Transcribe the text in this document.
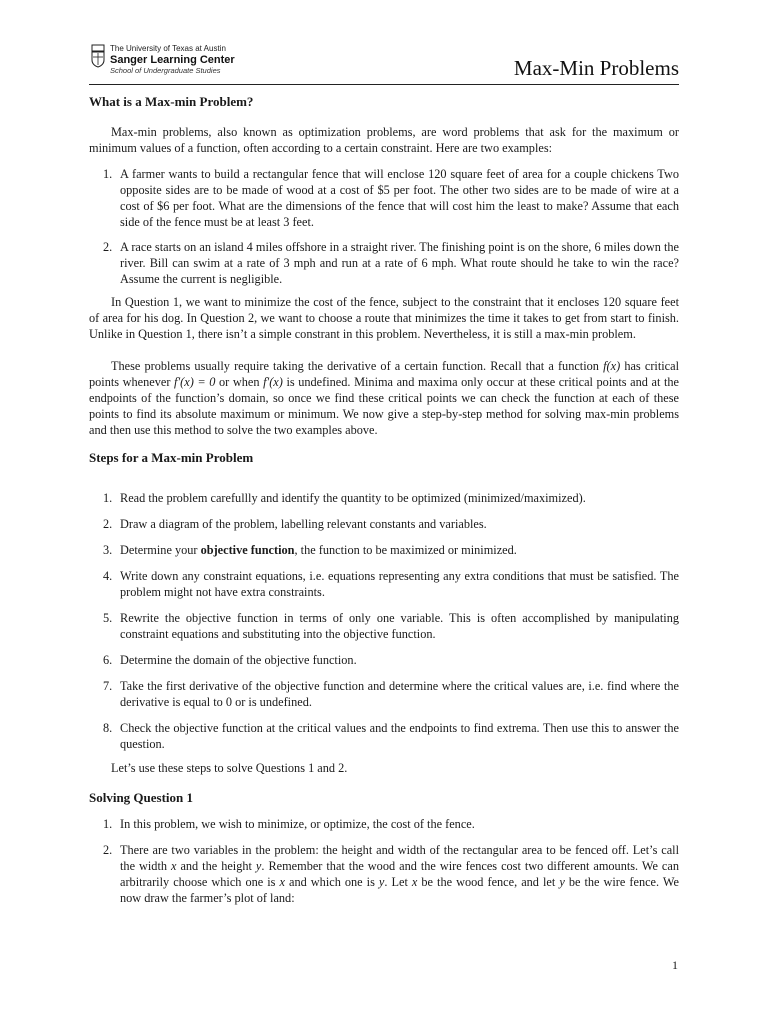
The University of Texas at Austin
Sanger Learning Center
School of Undergraduate Studies	Max-Min Problems
What is a Max-min Problem?

Max-min problems, also known as optimization problems, are word problems that ask for the maximum or minimum values of a function, often according to a certain constraint. Here are two examples:

1. A farmer wants to build a rectangular fence that will enclose 120 square feet of area for a couple chickens Two opposite sides are to be made of wood at a cost of $5 per foot. The other two sides are to be made of wire at a cost of $6 per foot. What are the dimensions of the fence that will cost him the least to make? Assume that each side of the fence must be at least 3 feet.
2. A race starts on an island 4 miles offshore in a straight river. The finishing point is on the shore, 6 miles down the river. Bill can swim at a rate of 3 mph and run at a rate of 6 mph. What route should he take to win the race? Assume the current is negligible.

In Question 1, we want to minimize the cost of the fence, subject to the constraint that it encloses 120 square feet of area for his dog. In Question 2, we want to choose a route that minimizes the time it takes to get from start to finish. Unlike in Question 1, there isn’t a simple constrant in this problem. Nevertheless, it is still a max-min problem.

These problems usually require taking the derivative of a certain function. Recall that a function f(x) has critical points whenever f′(x) = 0 or when f′(x) is undefined. Minima and maxima only occur at these critical points and at the endpoints of the function’s domain, so once we find these critical points we can check the function at each of these points to find its absolute maximum or minimum. We now give a step-by-step method for solving max-min problems and then use this method to solve the two examples above.

Steps for a Max-min Problem
1. Read the problem carefullly and identify the quantity to be optimized (minimized/maximized).
2. Draw a diagram of the problem, labelling relevant constants and variables.
3. Determine your objective function, the function to be maximized or minimized.
4. Write down any constraint equations, i.e. equations representing any extra conditions that must be satisfied. The problem might not have extra constraints.
5. Rewrite the objective function in terms of only one variable. This is often accomplished by manipulating constraint equations and substituting into the objective function.
6. Determine the domain of the objective function.
7. Take the first derivative of the objective function and determine where the critical values are, i.e. find where the derivative is equal to 0 or is undefined.
8. Check the objective function at the critical values and the endpoints to find extrema. Then use this to answer the question.

Let’s use these steps to solve Questions 1 and 2.

Solving Question 1
1. In this problem, we wish to minimize, or optimize, the cost of the fence.
2. There are two variables in the problem: the height and width of the rectangular area to be fenced off. Let’s call the width x and the height y. Remember that the wood and the wire fences cost two different amounts. We can arbitrarily choose which one is x and which one is y. Let x be the wood fence, and let y be the wire fence. We now draw the farmer’s plot of land:
1
